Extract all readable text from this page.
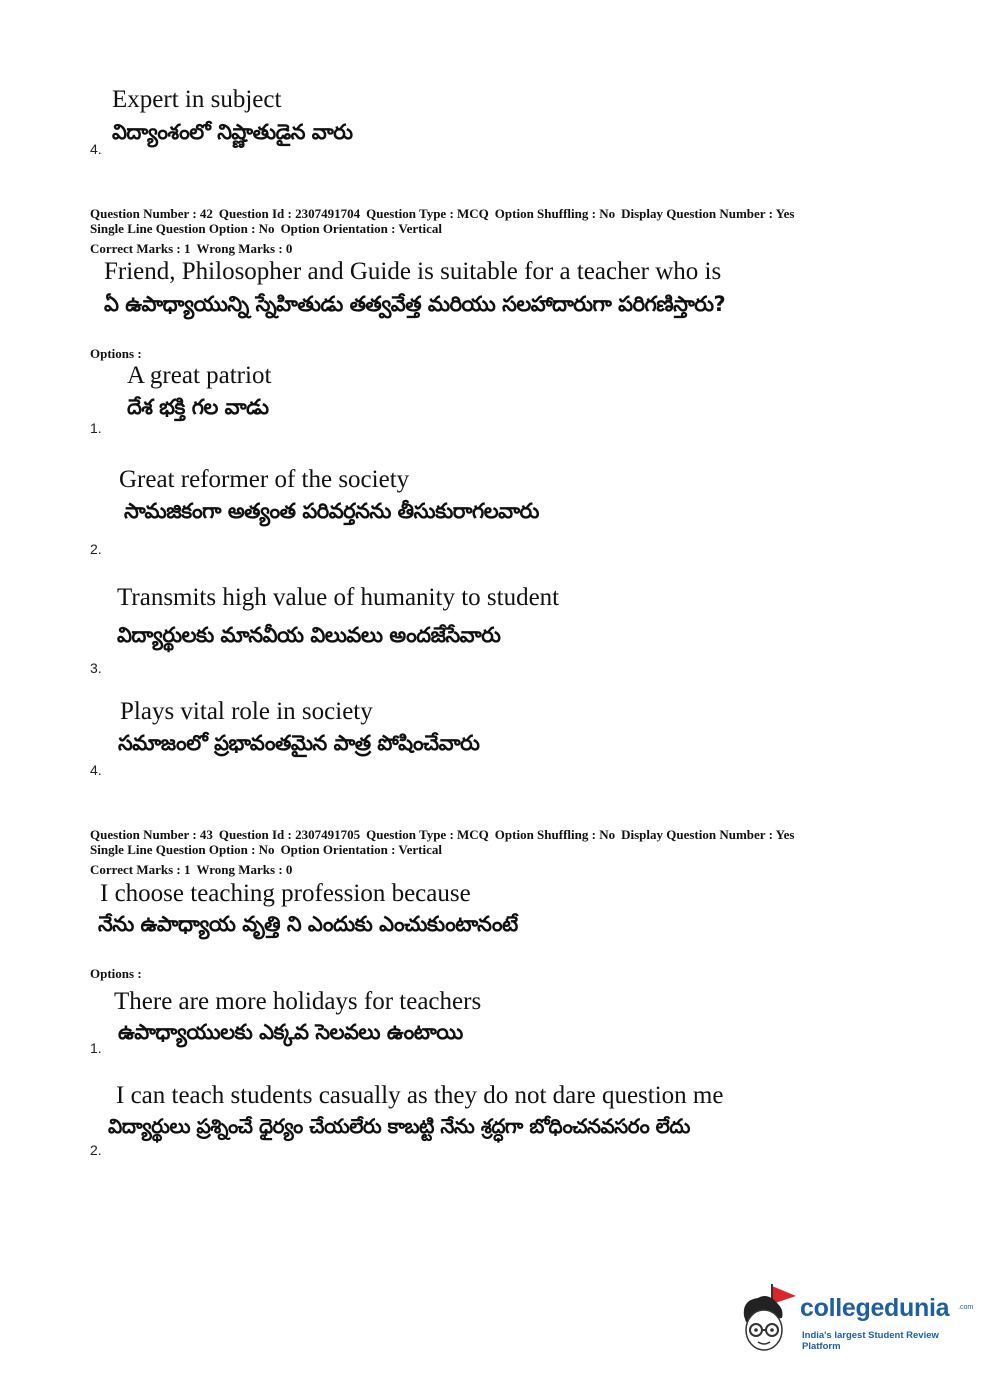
Expert in subject
విద్యాంశంలో నిష్ణాతుడైన వారు
4.
Question Number : 42 Question Id : 2307491704 Question Type : MCQ Option Shuffling : No Display Question Number : Yes
Single Line Question Option : No Option Orientation : Vertical
Correct Marks : 1 Wrong Marks : 0
Friend, Philosopher and Guide is suitable for a teacher who is
ఏ ఉపాధ్యాయున్ని స్నేహితుడు తత్వవేత్త మరియు సలహాదారుగా పరిగణిస్తారు?
Options :
A great patriot
దేశ భక్తి గల వాడు
1.
Great reformer of the society
సామజికంగా అత్యంత పరివర్తనను తీసుకురాగలవారు
2.
Transmits high value of humanity to student
విద్యార్థులకు మానవీయ విలువలు అందజేసేవారు
3.
Plays vital role in society
సమాజంలో ప్రభావంతమైన పాత్ర పోషించేవారు
4.
Question Number : 43 Question Id : 2307491705 Question Type : MCQ Option Shuffling : No Display Question Number : Yes
Single Line Question Option : No Option Orientation : Vertical
Correct Marks : 1 Wrong Marks : 0
I choose teaching profession because
నేను ఉపాధ్యాయ వృత్తి ని ఎందుకు ఎంచుకుంటానంటే
Options :
There are more holidays for teachers
ఉపాధ్యాయులకు ఎక్కవ సెలవలు ఉంటాయి
1.
I can teach students casually as they do not dare question me
విద్యార్థులు ప్రశ్నించే ధైర్యం చేయలేరు కాబట్టి నేను శ్రద్ధగా బోధించనవసరం లేదు
2.
collegedunia .com
India's largest Student Review Platform
